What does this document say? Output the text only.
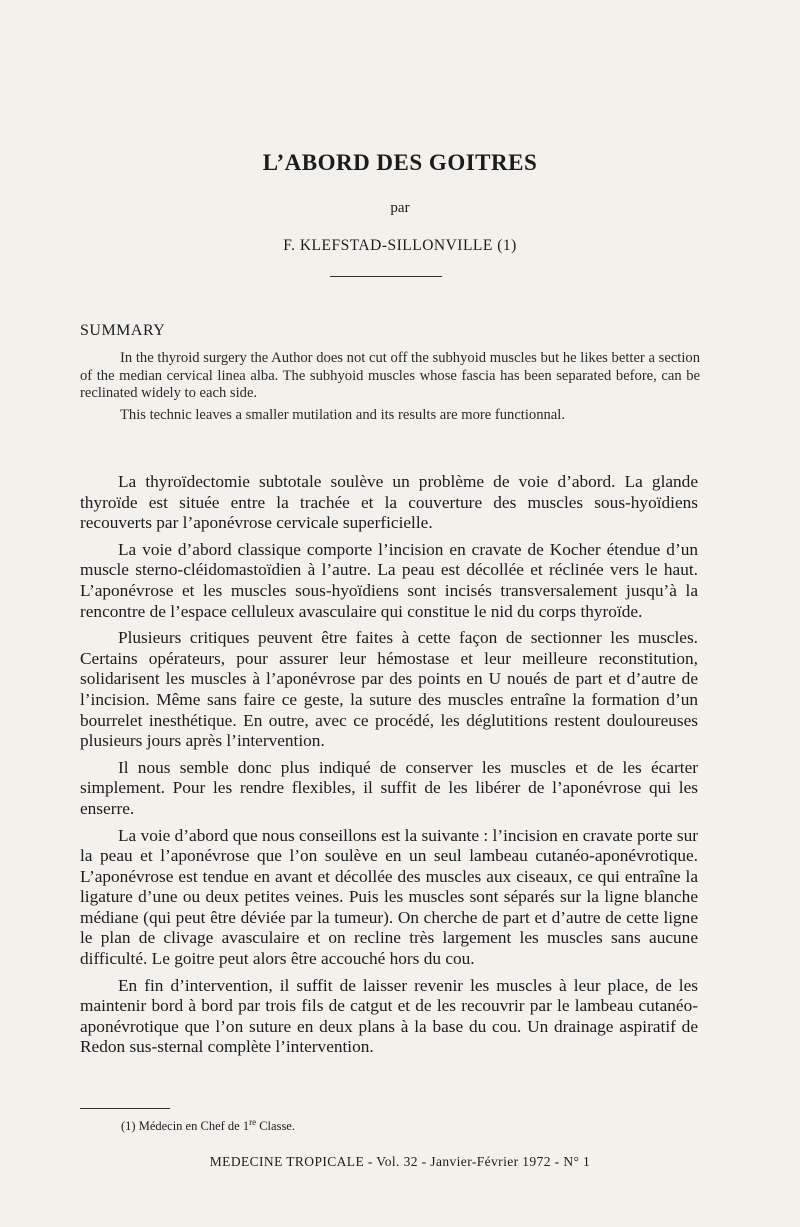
L’ABORD DES GOITRES
par
F. KLEFSTAD-SILLONVILLE (1)
SUMMARY

In the thyroid surgery the Author does not cut off the subhyoid muscles but he likes better a section of the median cervical linea alba. The subhyoid muscles whose fascia has been separated before, can be reclinated widely to each side.

This technic leaves a smaller mutilation and its results are more functionnal.

La thyroïdectomie subtotale soulève un problème de voie d’abord. La glande thyroïde est située entre la trachée et la couverture des muscles sous-hyoïdiens recouverts par l’aponévrose cervicale superficielle.

La voie d’abord classique comporte l’incision en cravate de Kocher étendue d’un muscle sterno-cléidomastoïdien à l’autre. La peau est décollée et réclinée vers le haut. L’aponévrose et les muscles sous-hyoïdiens sont incisés transversalement jusqu’à la rencontre de l’espace celluleux avasculaire qui constitue le nid du corps thyroïde.

Plusieurs critiques peuvent être faites à cette façon de sectionner les muscles. Certains opérateurs, pour assurer leur hémostase et leur meilleure reconstitution, solidarisent les muscles à l’aponévrose par des points en U noués de part et d’autre de l’incision. Même sans faire ce geste, la suture des muscles entraîne la formation d’un bourrelet inesthétique. En outre, avec ce procédé, les déglutitions restent douloureuses plusieurs jours après l’intervention.

Il nous semble donc plus indiqué de conserver les muscles et de les écarter simplement. Pour les rendre flexibles, il suffit de les libérer de l’aponévrose qui les enserre.

La voie d’abord que nous conseillons est la suivante : l’incision en cravate porte sur la peau et l’aponévrose que l’on soulève en un seul lambeau cutanéo-aponévrotique. L’aponévrose est tendue en avant et décollée des muscles aux ciseaux, ce qui entraîne la ligature d’une ou deux petites veines. Puis les muscles sont séparés sur la ligne blanche médiane (qui peut être déviée par la tumeur). On cherche de part et d’autre de cette ligne le plan de clivage avasculaire et on recline très largement les muscles sans aucune difficulté. Le goitre peut alors être accouché hors du cou.

En fin d’intervention, il suffit de laisser revenir les muscles à leur place, de les maintenir bord à bord par trois fils de catgut et de les recouvrir par le lambeau cutanéo-aponévrotique que l’on suture en deux plans à la base du cou. Un drainage aspiratif de Redon sus-sternal complète l’intervention.

(1) Médecin en Chef de 1re Classe.
MEDECINE TROPICALE - Vol. 32 - Janvier-Février 1972 - N° 1
